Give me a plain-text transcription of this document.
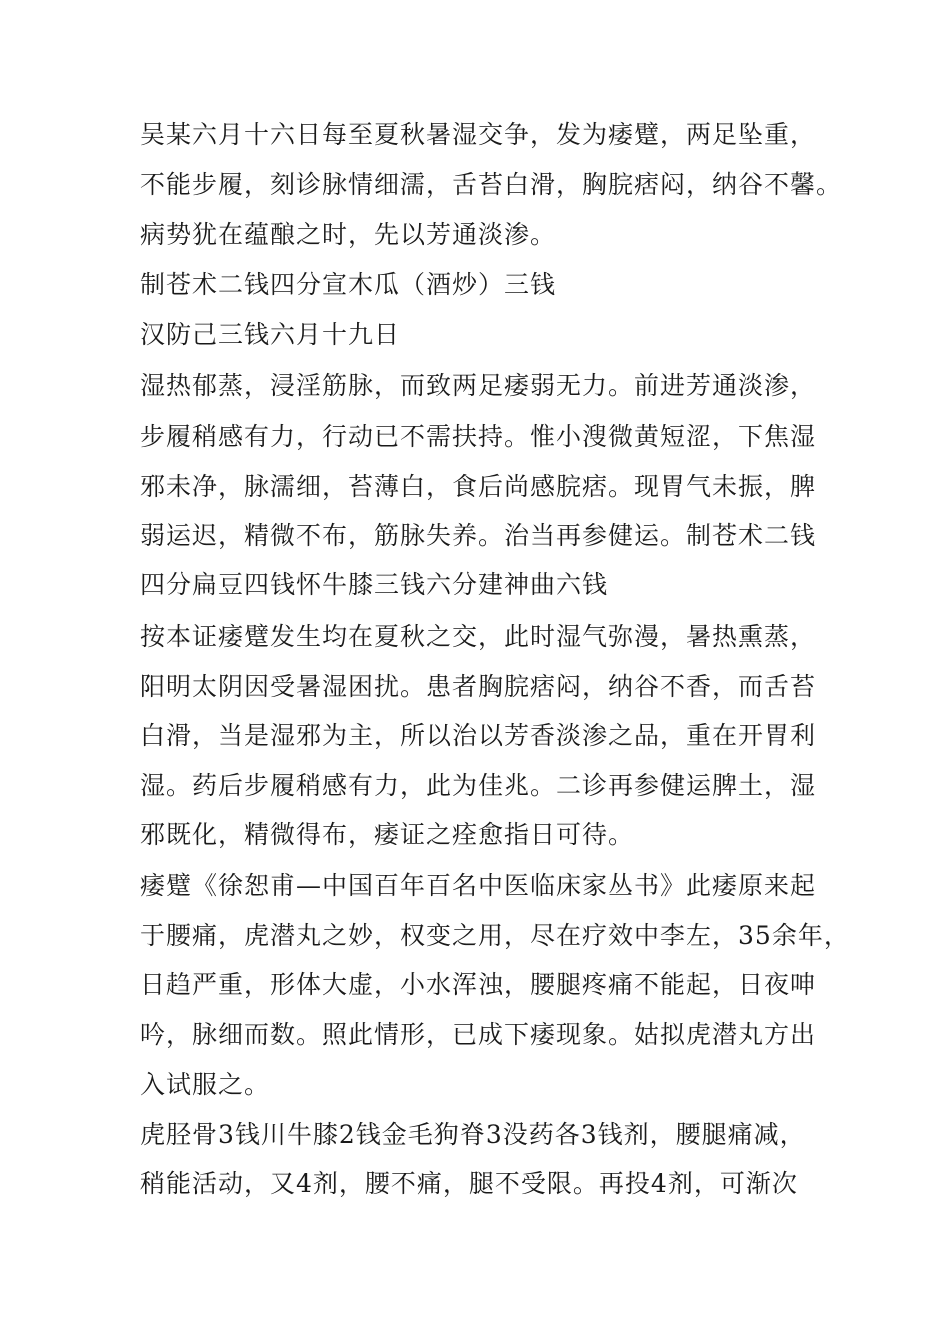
吴某六月十六日每至夏秋暑湿交争，发为痿躄，两足坠重，
不能步履，刻诊脉情细濡，舌苔白滑，胸脘痞闷，纳谷不馨。
病势犹在蕴酿之时，先以芳通淡渗。
制苍术二钱四分宣木瓜（酒炒）三钱
汉防己三钱六月十九日
湿热郁蒸，浸淫筋脉，而致两足痿弱无力。前进芳通淡渗，
步履稍感有力，行动已不需扶持。惟小溲微黄短涩，下焦湿
邪未净，脉濡细，苔薄白，食后尚感脘痞。现胃气未振，脾
弱运迟，精微不布，筋脉失养。治当再参健运。制苍术二钱
四分扁豆四钱怀牛膝三钱六分建神曲六钱
按本证痿躄发生均在夏秋之交，此时湿气弥漫，暑热熏蒸，
阳明太阴因受暑湿困扰。患者胸脘痞闷，纳谷不香，而舌苔
白滑，当是湿邪为主，所以治以芳香淡渗之品，重在开胃利
湿。药后步履稍感有力，此为佳兆。二诊再参健运脾土，湿
邪既化，精微得布，痿证之痊愈指日可待。
痿躄《徐恕甫—中国百年百名中医临床家丛书》此痿原来起
于腰痛，虎潜丸之妙，权变之用，尽在疗效中李左，35余年，
日趋严重，形体大虚，小水浑浊，腰腿疼痛不能起，日夜呻
吟，脉细而数。照此情形，已成下痿现象。姑拟虎潜丸方出
入试服之。
虎胫骨3钱川牛膝2钱金毛狗脊3没药各3钱剂，腰腿痛减，
稍能活动，又4剂，腰不痛，腿不受限。再投4剂，可渐次
